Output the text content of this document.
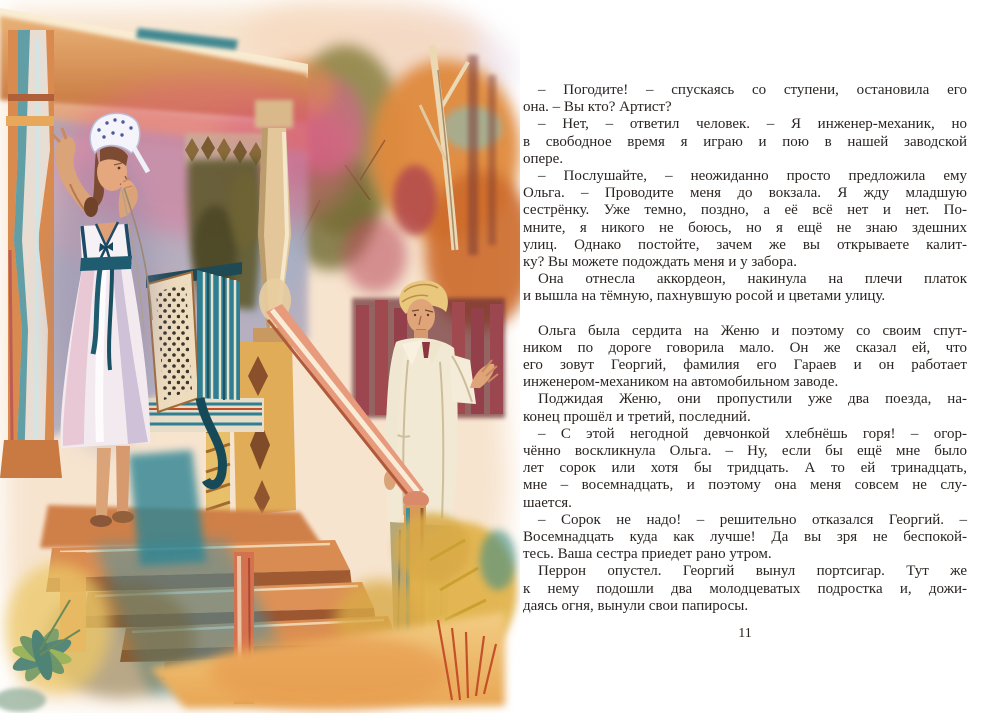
– Погодите! – спускаясь со ступени, остановила его
она. – Вы кто? Артист?
– Нет, – ответил человек. – Я инженер-механик, но
в свободное время я играю и пою в нашей заводской
опере.
– Послушайте, – неожиданно просто предложила ему
Ольга. – Проводите меня до вокзала. Я жду младшую
сестрёнку. Уже темно, поздно, а её всё нет и нет. По-
мните, я никого не боюсь, но я ещё не знаю здешних
улиц. Однако постойте, зачем же вы открываете калит-
ку? Вы можете подождать меня и у забора.
Она отнесла аккордеон, накинула на плечи платок
и вышла на тёмную, пахнувшую росой и цветами улицу.
Ольга была сердита на Женю и поэтому со своим спут-
ником по дороге говорила мало. Он же сказал ей, что
его зовут Георгий, фамилия его Гараев и он работает
инженером-механиком на автомобильном заводе.
Поджидая Женю, они пропустили уже два поезда, на-
конец прошёл и третий, последний.
– С этой негодной девчонкой хлебнёшь горя! – огор-
чённо воскликнула Ольга. – Ну, если бы ещё мне было
лет сорок или хотя бы тридцать. А то ей тринадцать,
мне – восемнадцать, и поэтому она меня совсем не слу-
шается.
– Сорок не надо! – решительно отказался Георгий. –
Восемнадцать куда как лучше! Да вы зря не беспокой-
тесь. Ваша сестра приедет рано утром.
Перрон опустел. Георгий вынул портсигар. Тут же
к нему подошли два молодцеватых подростка и, дожи-
даясь огня, вынули свои папиросы.
11
